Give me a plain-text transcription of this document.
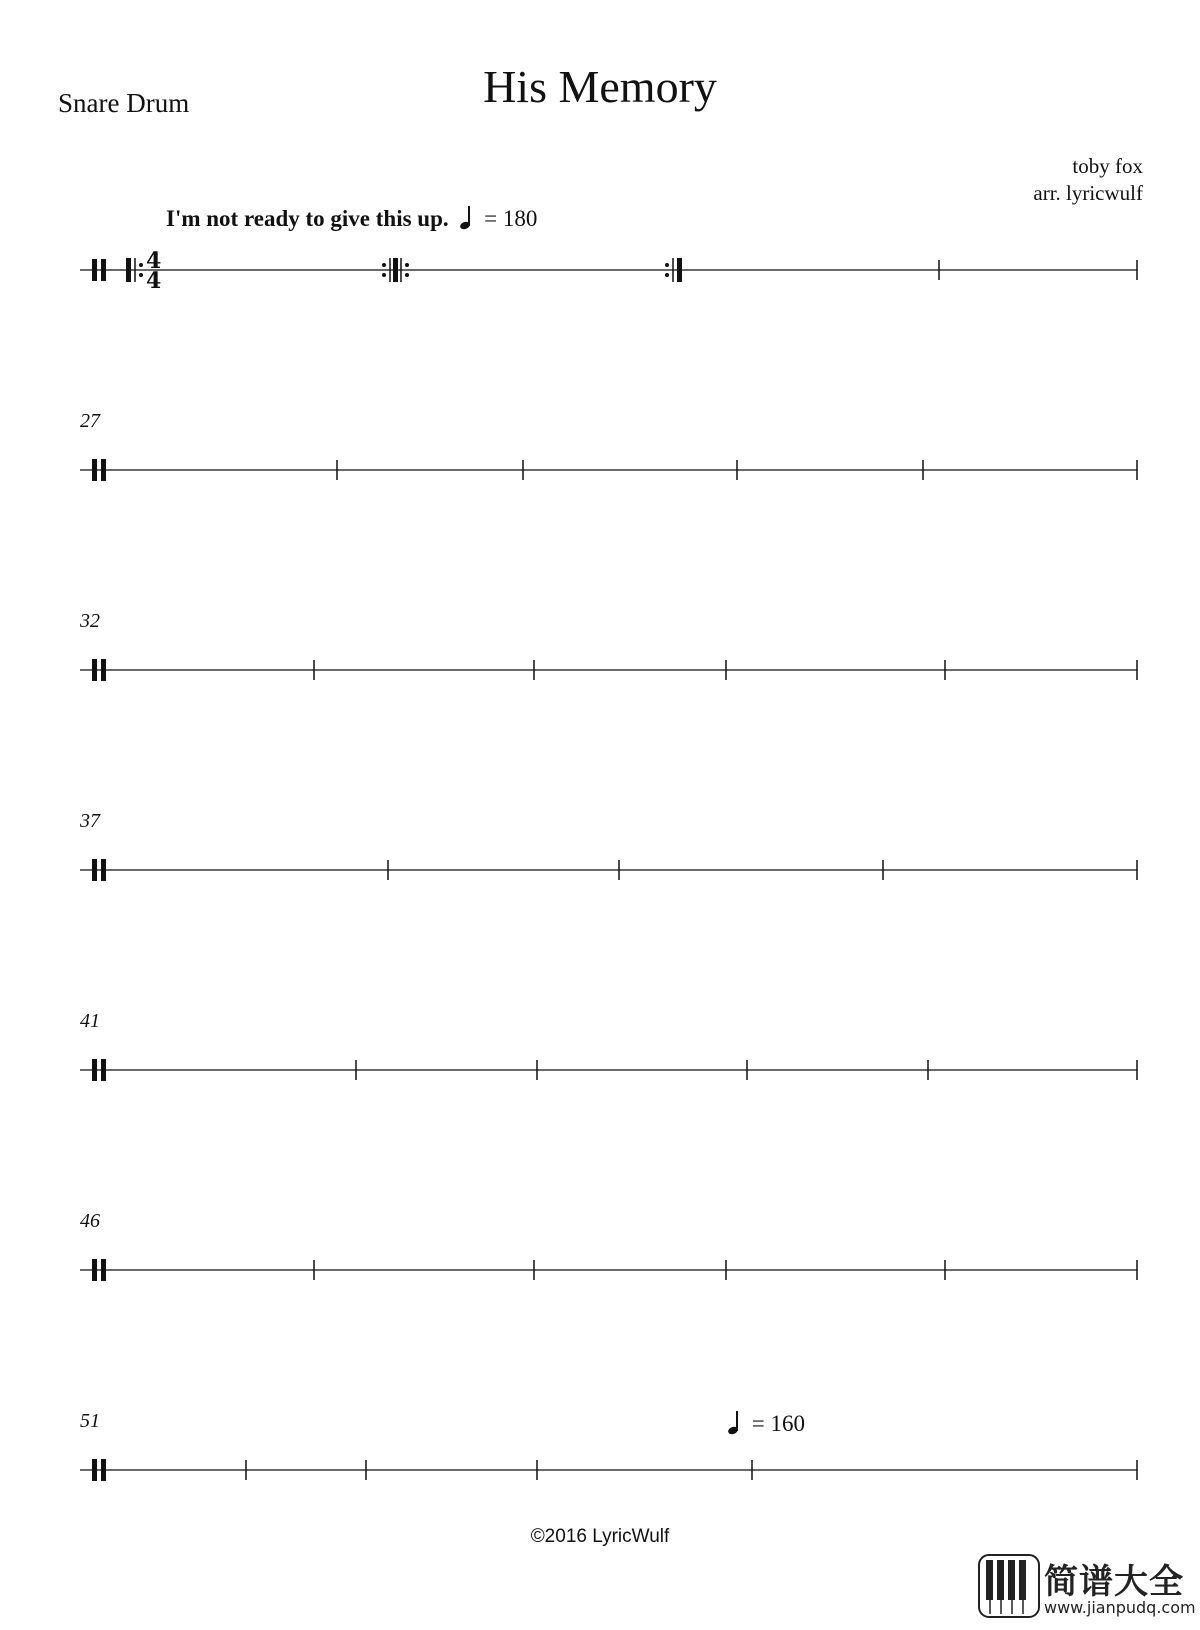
His Memory
Snare Drum
toby fox
arr. lyricwulf
I'm not ready to give this up. = 180
= 160
27
32
37
41
46
51
4
4
©2016 LyricWulf
简谱大全
www.jianpudq.com
